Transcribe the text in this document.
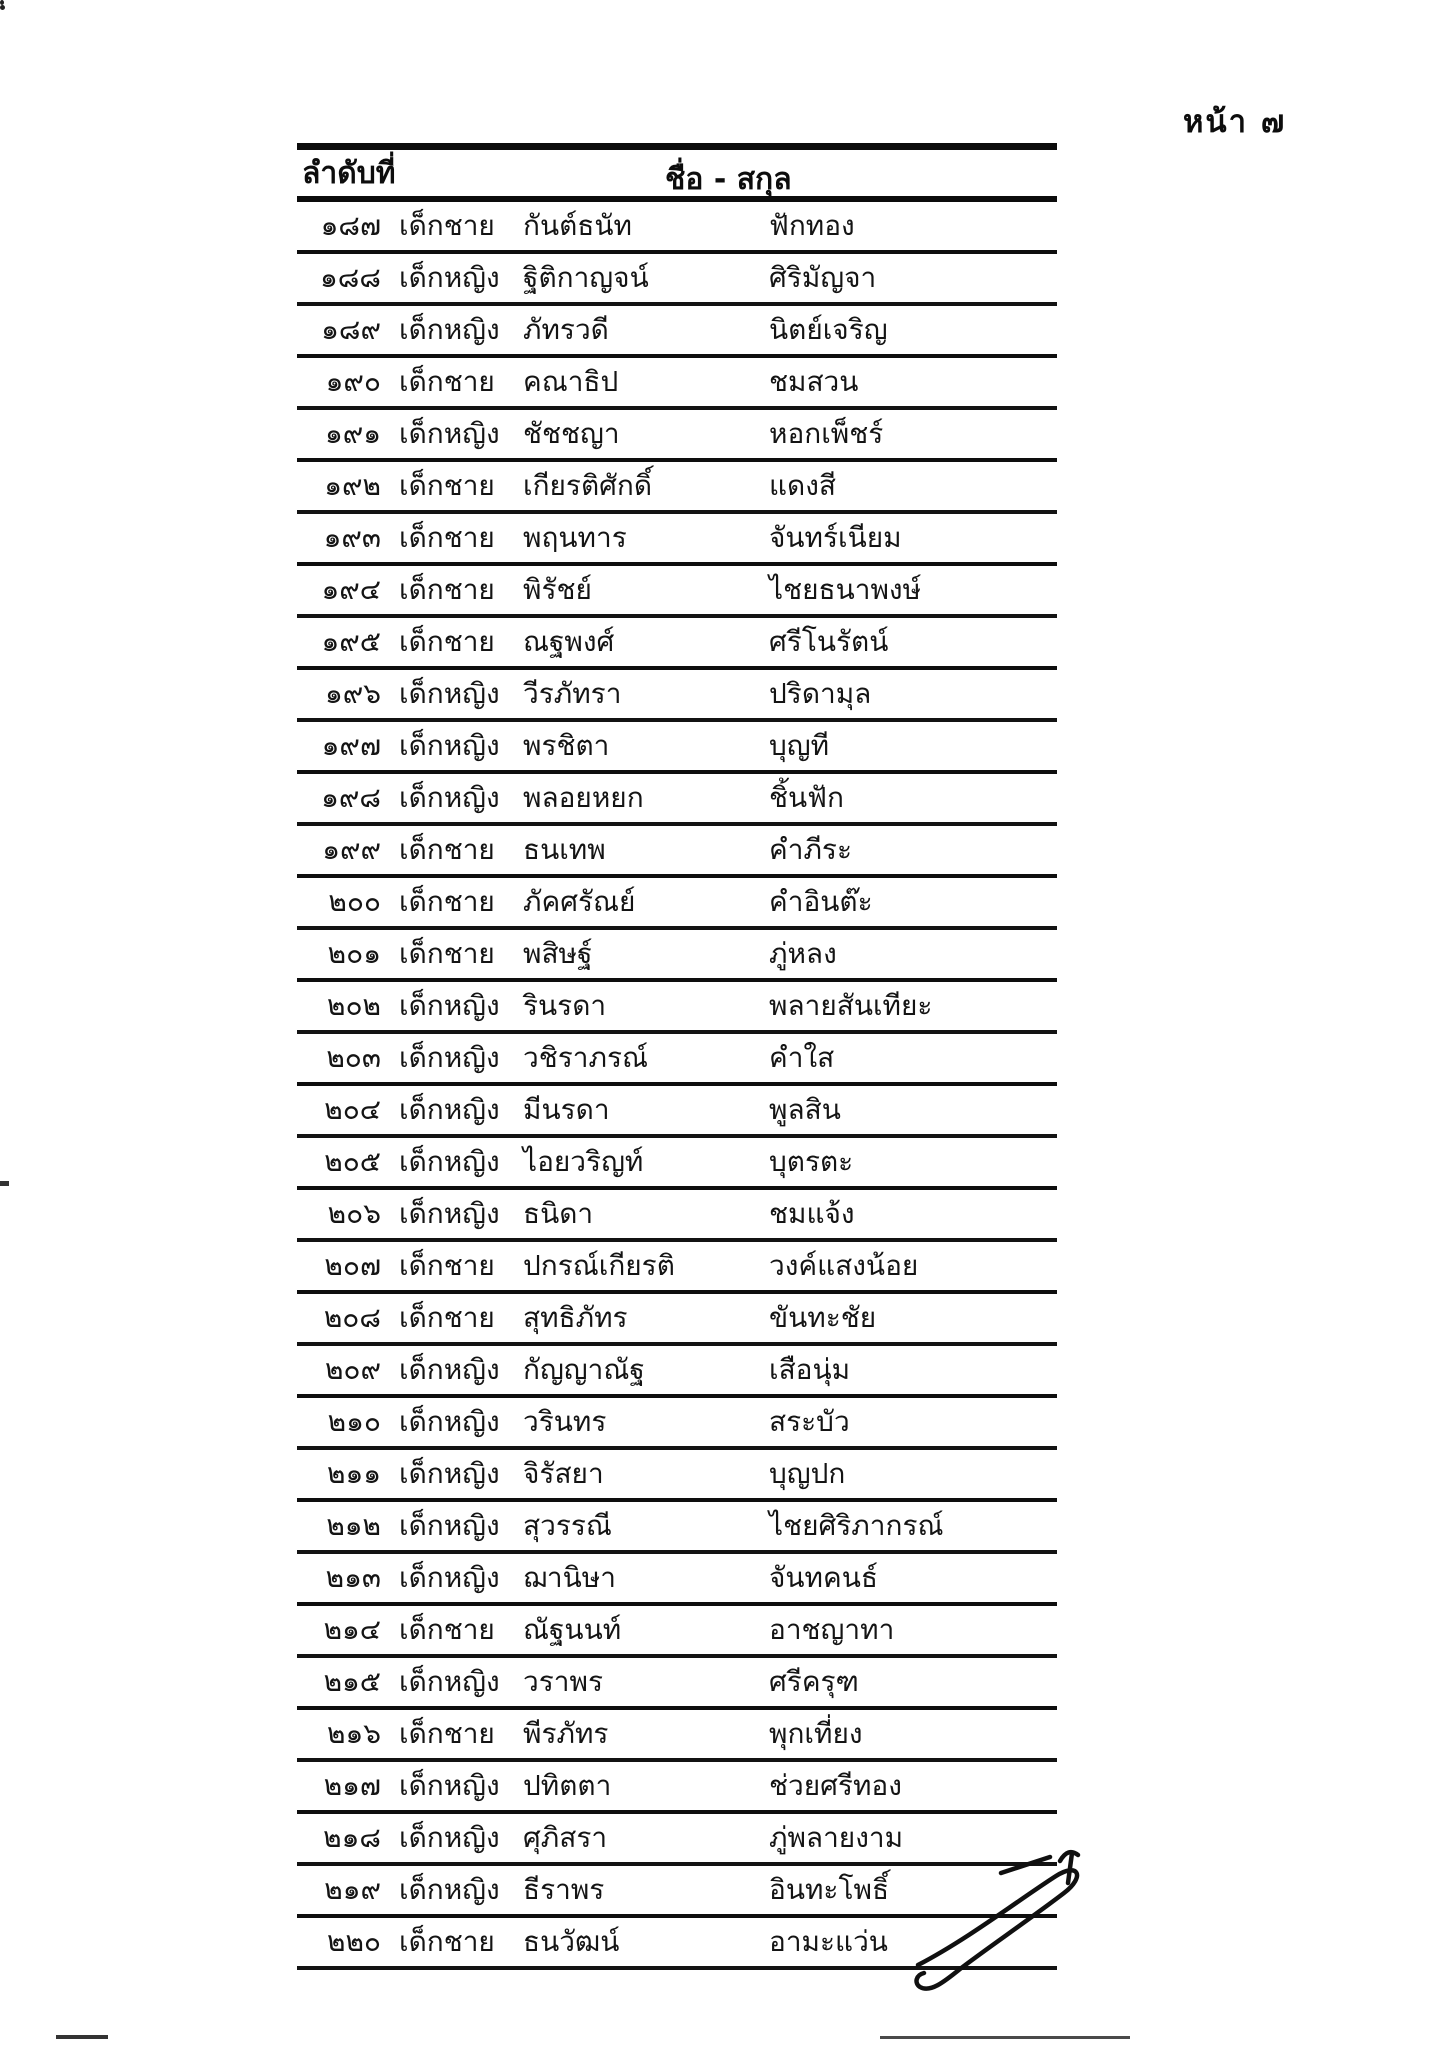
หน้า ๗
ลำดับที่	ชื่อ - สกุล
๑๘๗ เด็กชาย	กันต์ธนัท	ฟักทอง
๑๘๘ เด็กหญิง ฐิติกาญจน์	ศิริมัญจา
๑๘๙ เด็กหญิง ภัทรวดี	นิตย์เจริญ
๑๙๐ เด็กชาย	คณาธิป	ชมสวน
๑๙๑ เด็กหญิง ชัชชญา	หอกเพ็ชร์
๑๙๒ เด็กชาย	เกียรติศักดิ์	แดงสี
๑๙๓ เด็กชาย	พฤนทาร	จันทร์เนียม
๑๙๔ เด็กชาย	พิรัชย์	ไชยธนาพงษ์
๑๙๕ เด็กชาย	ณฐพงศ์	ศรีโนรัตน์
๑๙๖ เด็กหญิง วีรภัทรา	ปริดามุล
๑๙๗ เด็กหญิง พรชิตา	บุญที
๑๙๘ เด็กหญิง พลอยหยก	ชิ้นฟัก
๑๙๙ เด็กชาย	ธนเทพ	คำภีระ
๒๐๐ เด็กชาย	ภัคศรัณย์	คำอินต๊ะ
๒๐๑ เด็กชาย	พสิษฐ์	ภู่หลง
๒๐๒ เด็กหญิง รินรดา	พลายสันเทียะ
๒๐๓ เด็กหญิง วชิราภรณ์	คำใส
๒๐๔ เด็กหญิง มีนรดา	พูลสิน
๒๐๕ เด็กหญิง ไอยวริญท์	บุตรตะ
๒๐๖ เด็กหญิง ธนิดา	ชมแจ้ง
๒๐๗ เด็กชาย	ปกรณ์เกียรติ	วงค์แสงน้อย
๒๐๘ เด็กชาย	สุทธิภัทร	ขันทะชัย
๒๐๙ เด็กหญิง กัญญาณัฐ	เสือนุ่ม
๒๑๐ เด็กหญิง วรินทร	สระบัว
๒๑๑ เด็กหญิง จิรัสยา	บุญปก
๒๑๒ เด็กหญิง สุวรรณี	ไชยศิริภากรณ์
๒๑๓ เด็กหญิง ฌานิษา	จันทคนธ์
๒๑๔ เด็กชาย	ณัฐนนท์	อาชญาทา
๒๑๕ เด็กหญิง วราพร	ศรีครุฑ
๒๑๖ เด็กชาย	พีรภัทร	พุกเที่ยง
๒๑๗ เด็กหญิง ปทิตตา	ช่วยศรีทอง
๒๑๘ เด็กหญิง ศุภิสรา	ภู่พลายงาม
๒๑๙ เด็กหญิง ธีราพร	อินทะโพธิ์
๒๒๐ เด็กชาย	ธนวัฒน์	อามะแว่น
